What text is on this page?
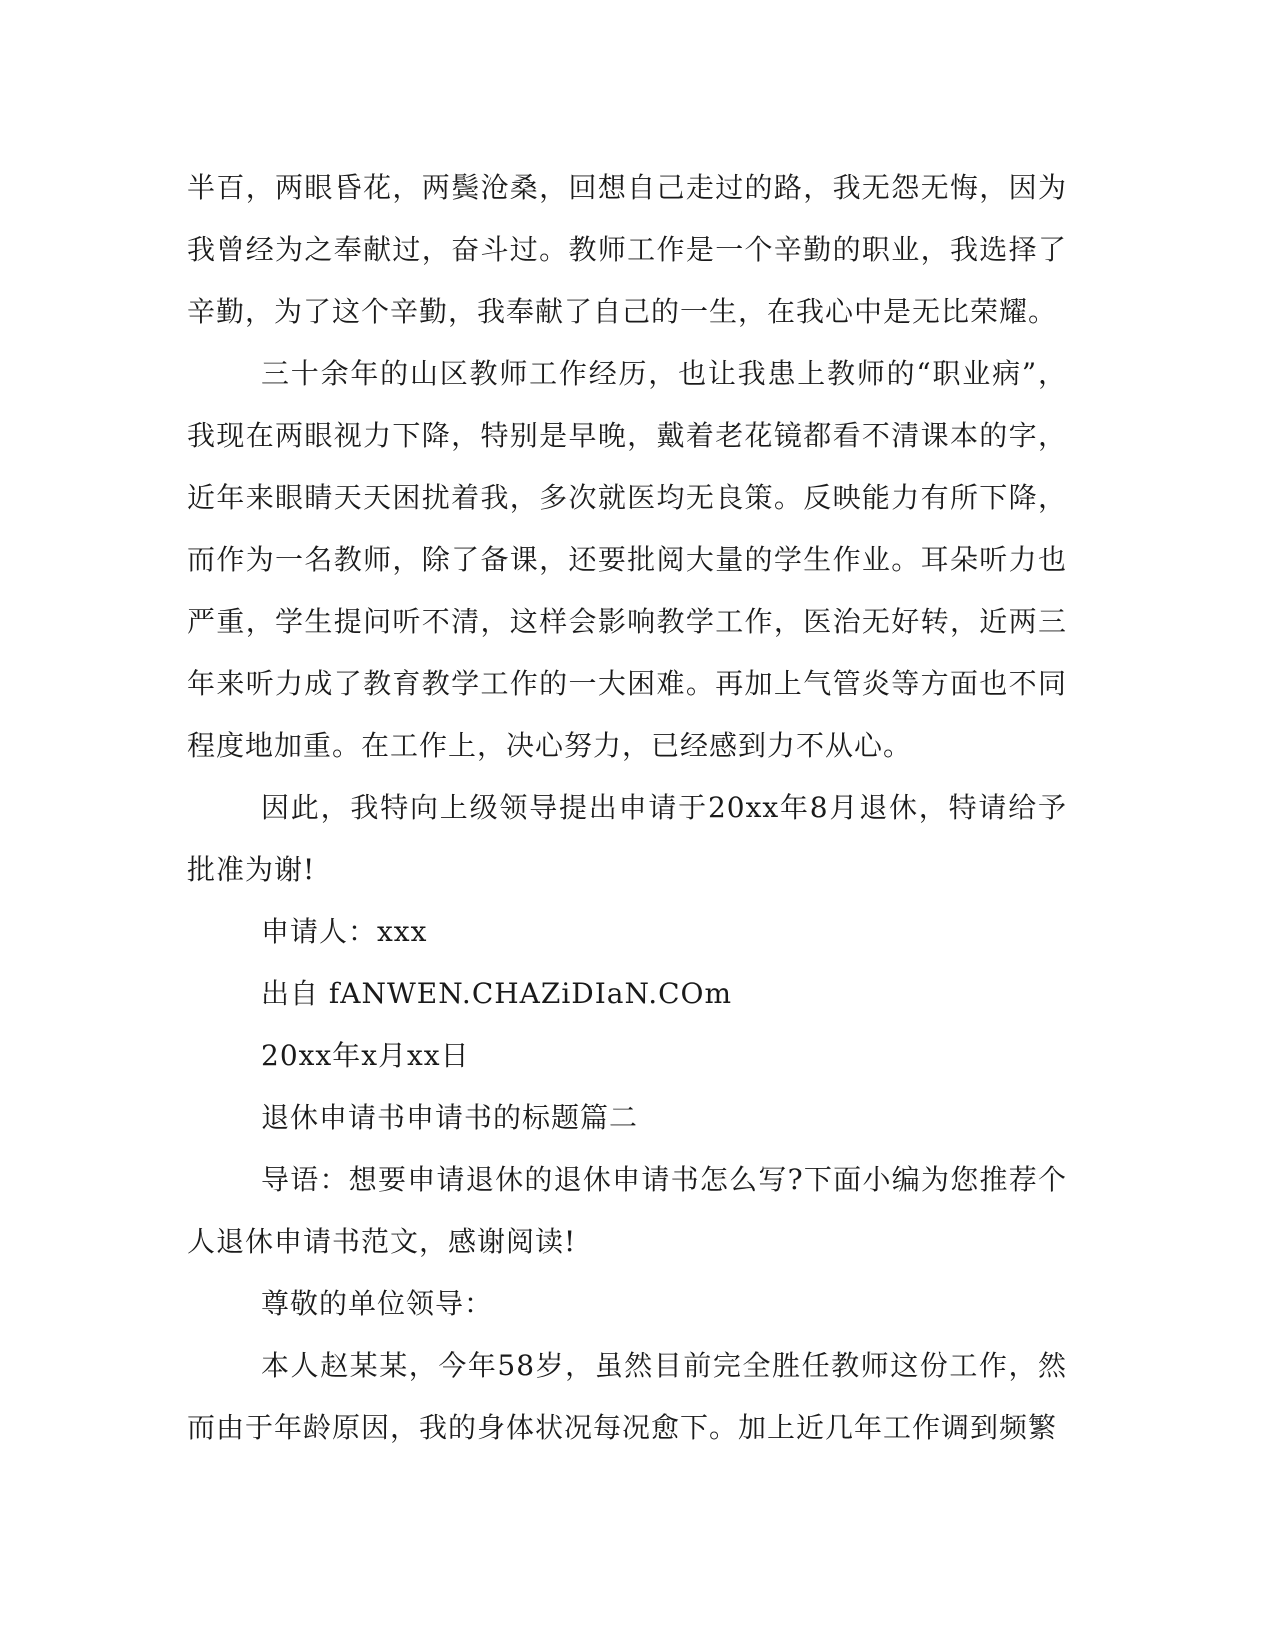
半百，两眼昏花，两鬓沧桑，回想自己走过的路，我无怨无悔，因为我曾经为之奉献过，奋斗过。教师工作是一个辛勤的职业，我选择了辛勤，为了这个辛勤，我奉献了自己的一生，在我心中是无比荣耀。

三十余年的山区教师工作经历，也让我患上教师的“职业病”，我现在两眼视力下降，特别是早晚，戴着老花镜都看不清课本的字，近年来眼睛天天困扰着我，多次就医均无良策。反映能力有所下降，而作为一名教师，除了备课，还要批阅大量的学生作业。耳朵听力也严重，学生提问听不清，这样会影响教学工作，医治无好转，近两三年来听力成了教育教学工作的一大困难。再加上气管炎等方面也不同程度地加重。在工作上，决心努力，已经感到力不从心。

因此，我特向上级领导提出申请于20xx年8月退休，特请给予批准为谢!

申请人：xxx

出自 fANWEN.CHAZiDIaN.COm

20xx年x月xx日

退休申请书申请书的标题篇二

导语：想要申请退休的退休申请书怎么写?下面小编为您推荐个人退休申请书范文，感谢阅读!

尊敬的单位领导：

本人赵某某，今年58岁，虽然目前完全胜任教师这份工作，然而由于年龄原因，我的身体状况每况愈下。加上近几年工作调到频繁
